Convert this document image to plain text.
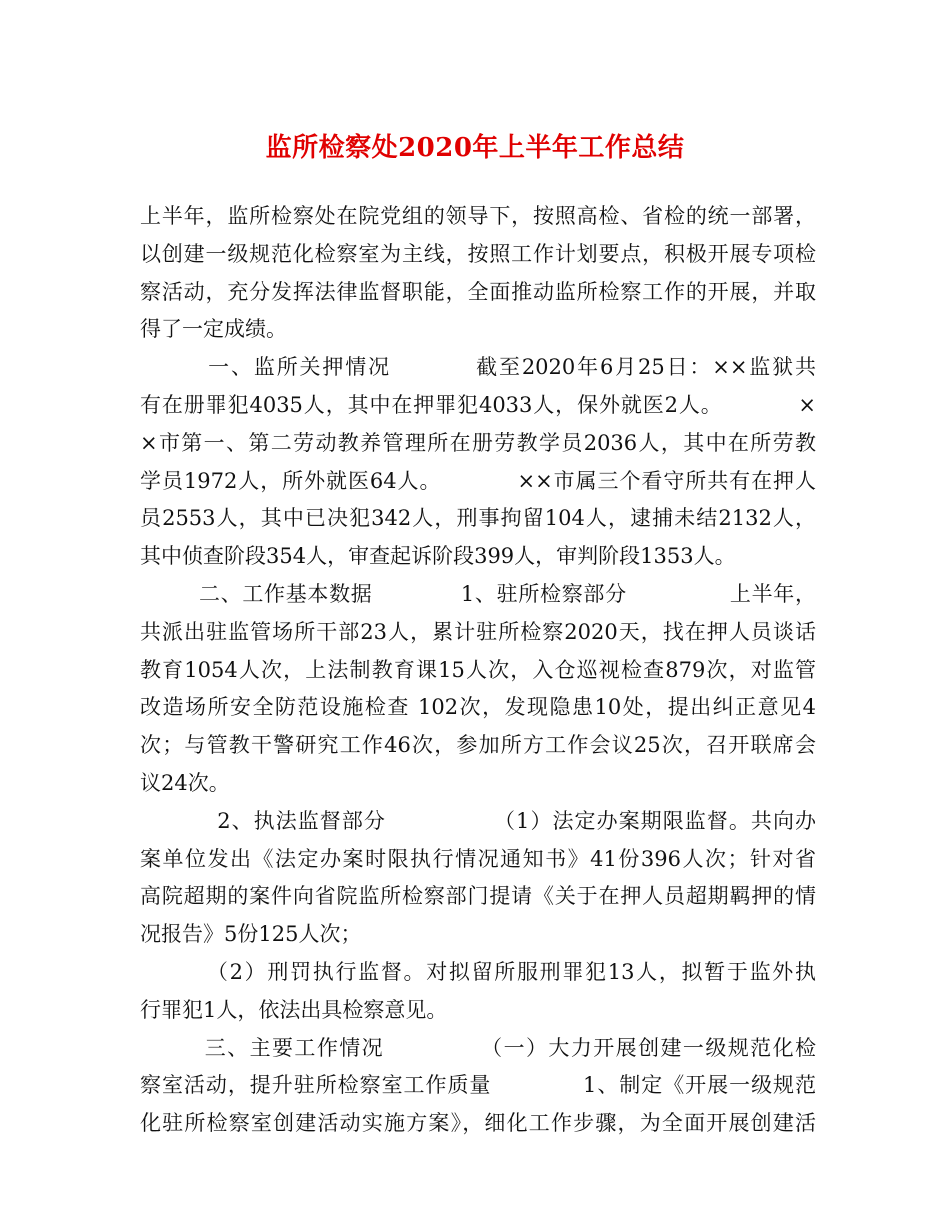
监所检察处2020年上半年工作总结
上半年，监所检察处在院党组的领导下，按照高检、省检的统一部署，
以创建一级规范化检察室为主线，按照工作计划要点，积极开展专项检
察活动，充分发挥法律监督职能，全面推动监所检察工作的开展，并取
得了一定成绩。
一、监所关押情况          截至2020年6月25日：××监狱共
有在册罪犯4035人，其中在押罪犯4033人，保外就医2人。          ×
×市第一、第二劳动教养管理所在册劳教学员2036人，其中在所劳教
学员1972人，所外就医64人。          ××市属三个看守所共有在押人
员2553人，其中已决犯342人，刑事拘留104人，逮捕未结2132人，
其中侦查阶段354人，审查起诉阶段399人，审判阶段1353人。
二、工作基本数据            1、驻所检察部分              上半年，
共派出驻监管场所干部23人，累计驻所检察2020天，找在押人员谈话
教育1054人次，上法制教育课15人次，入仓巡视检查879次，对监管
改造场所安全防范设施检查 102次，发现隐患10处，提出纠正意见4
次；与管教干警研究工作46次，参加所方工作会议25次，召开联席会
议24次。
2、执法监督部分              （1）法定办案期限监督。共向办
案单位发出《法定办案时限执行情况通知书》41份396人次；针对省
高院超期的案件向省院监所检察部门提请《关于在押人员超期羁押的情
况报告》5份125人次；
（2）刑罚执行监督。对拟留所服刑罪犯13人，拟暂于监外执
行罪犯1人，依法出具检察意见。
三、主要工作情况            （一）大力开展创建一级规范化检
察室活动，提升驻所检察室工作质量            1、制定《开展一级规范
化驻所检察室创建活动实施方案》，细化工作步骤，为全面开展创建活
